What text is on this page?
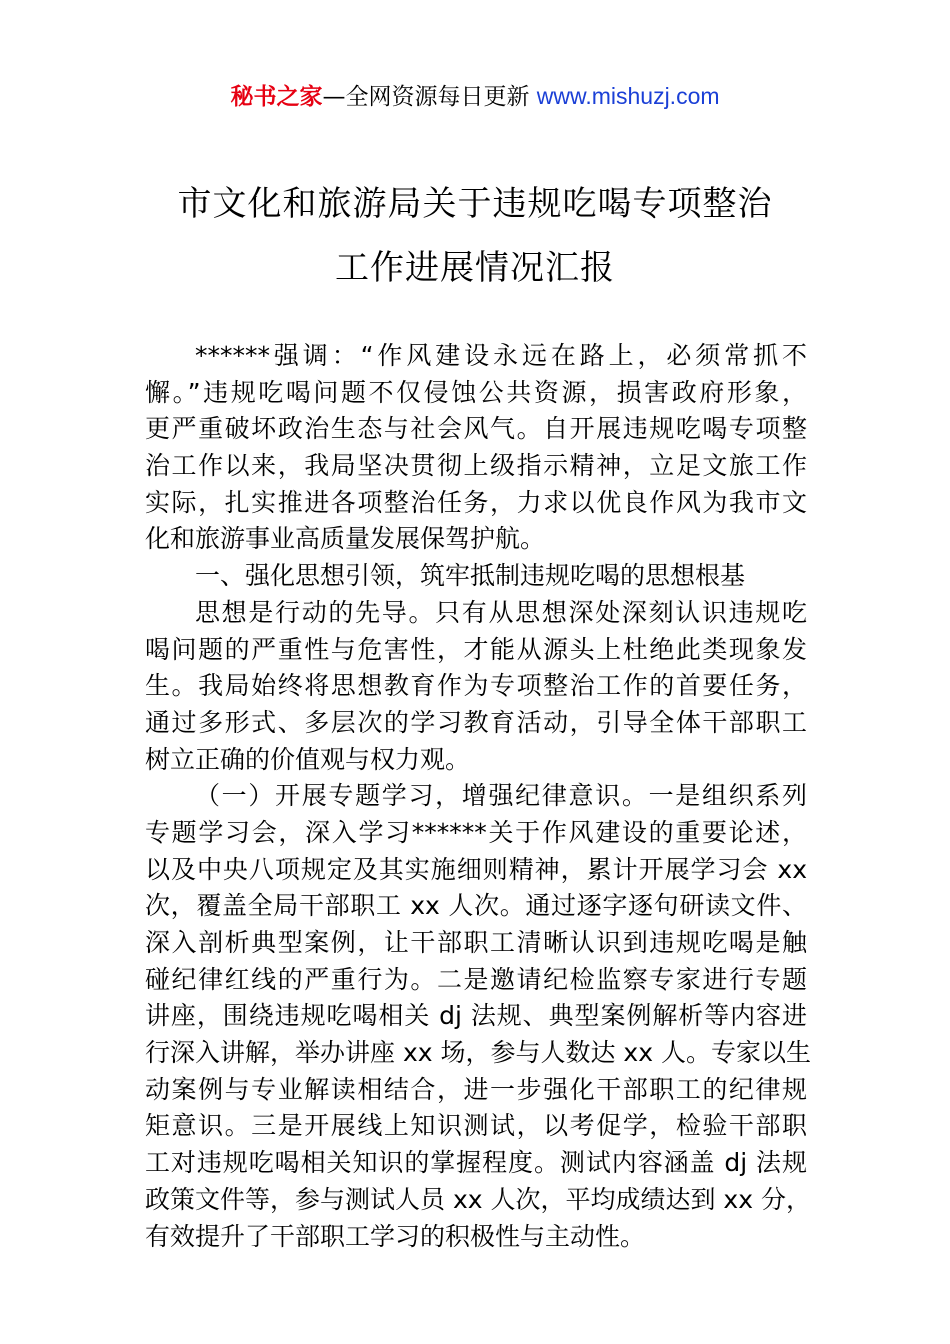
秘书之家—全网资源每日更新 www.mishuzj.com
市文化和旅游局关于违规吃喝专项整治
工作进展情况汇报
******强调：“作风建设永远在路上，必须常抓不
懈。”违规吃喝问题不仅侵蚀公共资源，损害政府形象，
更严重破坏政治生态与社会风气。自开展违规吃喝专项整
治工作以来，我局坚决贯彻上级指示精神，立足文旅工作
实际，扎实推进各项整治任务，力求以优良作风为我市文
化和旅游事业高质量发展保驾护航。
一、强化思想引领，筑牢抵制违规吃喝的思想根基
思想是行动的先导。只有从思想深处深刻认识违规吃
喝问题的严重性与危害性，才能从源头上杜绝此类现象发
生。我局始终将思想教育作为专项整治工作的首要任务，
通过多形式、多层次的学习教育活动，引导全体干部职工
树立正确的价值观与权力观。
（一）开展专题学习，增强纪律意识。一是组织系列
专题学习会，深入学习******关于作风建设的重要论述，
以及中央八项规定及其实施细则精神，累计开展学习会 xx
次，覆盖全局干部职工 xx 人次。通过逐字逐句研读文件、
深入剖析典型案例，让干部职工清晰认识到违规吃喝是触
碰纪律红线的严重行为。二是邀请纪检监察专家进行专题
讲座，围绕违规吃喝相关 dj 法规、典型案例解析等内容进
行深入讲解，举办讲座 xx 场，参与人数达 xx 人。专家以生
动案例与专业解读相结合，进一步强化干部职工的纪律规
矩意识。三是开展线上知识测试，以考促学，检验干部职
工对违规吃喝相关知识的掌握程度。测试内容涵盖 dj 法规
政策文件等，参与测试人员 xx 人次，平均成绩达到 xx 分，
有效提升了干部职工学习的积极性与主动性。
